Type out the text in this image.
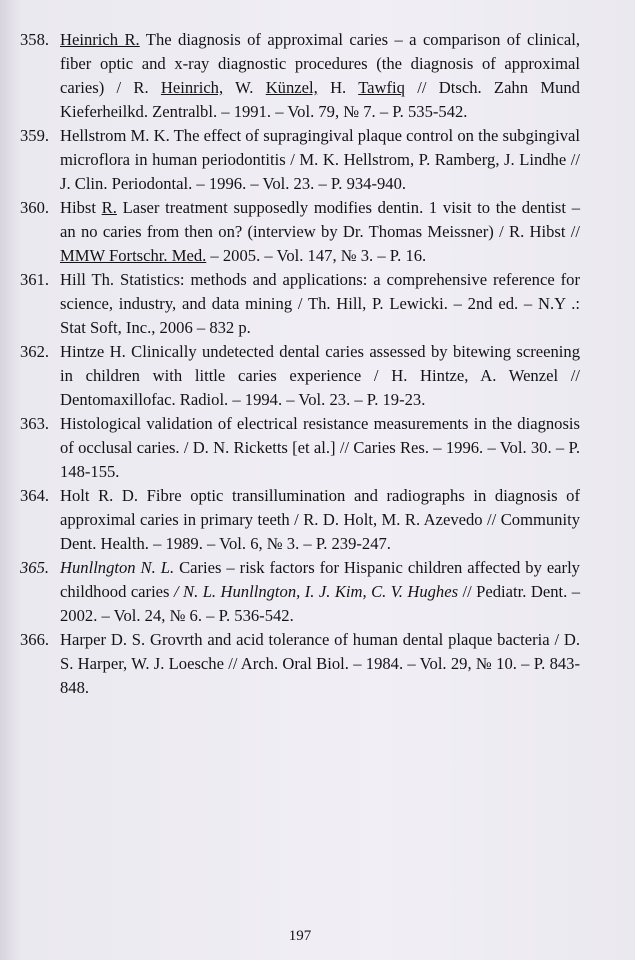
358. Heinrich R. The diagnosis of approximal caries – a comparison of clinical, fiber optic and x-ray diagnostic procedures (the diagnosis of approximal caries) / R. Heinrich, W. Künzel, H. Tawfiq // Dtsch. Zahn Mund Kieferheilkd. Zentralbl. – 1991. – Vol. 79, № 7. – P. 535-542.
359. Hellstrom M. K. The effect of supragingival plaque control on the subgingival microflora in human periodontitis / M. K. Hellstrom, P. Ramberg, J. Lindhe // J. Clin. Periodontal. – 1996. – Vol. 23. – P. 934-940.
360. Hibst R. Laser treatment supposedly modifies dentin. 1 visit to the dentist – an no caries from then on? (interview by Dr. Thomas Meissner) / R. Hibst // MMW Fortschr. Med. – 2005. – Vol. 147, № 3. – P. 16.
361. Hill Th. Statistics: methods and applications: a comprehensive reference for science, industry, and data mining / Th. Hill, P. Lewicki. – 2nd ed. – N.Y .: Stat Soft, Inc., 2006 – 832 p.
362. Hintze H. Clinically undetected dental caries assessed by bitewing screening in children with little caries experience / H. Hintze, A. Wenzel // Dentomaxillofac. Radiol. – 1994. – Vol. 23. – P. 19-23.
363. Histological validation of electrical resistance measurements in the diagnosis of occlusal caries. / D. N. Ricketts [et al.] // Caries Res. – 1996. – Vol. 30. – P. 148-155.
364. Holt R. D. Fibre optic transillumination and radiographs in diagnosis of approximal caries in primary teeth / R. D. Holt, M. R. Azevedo // Community Dent. Health. – 1989. – Vol. 6, № 3. – P. 239-247.
365. Hunllngton N. L. Caries – risk factors for Hispanic children affected by early childhood caries / N. L. Hunllngton, I. J. Kim, C. V. Hughes // Pediatr. Dent. – 2002. – Vol. 24, № 6. – P. 536-542.
366. Harper D. S. Grovrth and acid tolerance of human dental plaque bacteria / D. S. Harper, W. J. Loesche // Arch. Oral Biol. – 1984. – Vol. 29, № 10. – P. 843-848.
197
